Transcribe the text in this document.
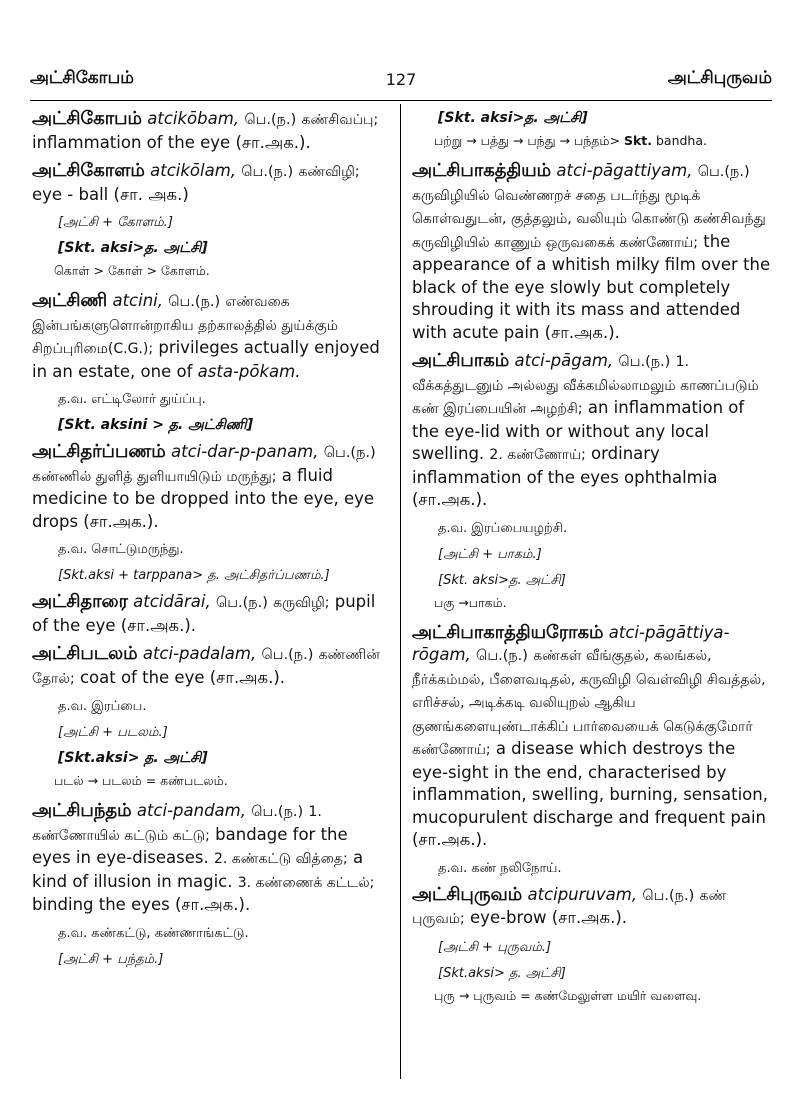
அட்சிகோபம்	127	அட்சிபுருவம்
அட்சிகோபம் atcikōbam, பெ.(ந.) கண்சிவப்பு; inflammation of the eye (சா.அக.).
அட்சிகோளம் atcikōlam, பெ.(ந.) கண்விழி; eye - ball (சா. அக.)
[அட்சி + கோளம்.]
[Skt. aksi>த. அட்சி]
கொள் > கோள் > கோளம்.
அட்சிணி atcini, பெ.(ந.) எண்வகை இன்பங்களுளொன்றாகிய தற்காலத்தில் துய்க்கும் சிறப்புரிமை(C.G.); privileges actually enjoyed in an estate, one of asta-pōkam.
த.வ. எட்டிலோர் துய்ப்பு.
[Skt. aksini > த. அட்சிணி]
அட்சிதர்ப்பணம் atci-dar-p-panam, பெ.(ந.) கண்ணில் துளித் துளியாயிடும் மருந்து; a fluid medicine to be dropped into the eye, eye drops (சா.அக.).
த.வ. சொட்டுமருந்து.
[Skt.aksi + tarppana> த. அட்சிதர்ப்பணம்.]
அட்சிதாரை atcidārai, பெ.(ந.) கருவிழி; pupil of the eye (சா.அக.).
அட்சிபடலம் atci-padalam, பெ.(ந.) கண்ணின் தோல்; coat of the eye (சா.அக.).
த.வ. இரப்பை.
[அட்சி + படலம்.]
[Skt.aksi> த. அட்சி]
படல் → படலம் = கண்படலம்.
அட்சிபந்தம் atci-pandam, பெ.(ந.) 1. கண்ணோயில் கட்டும் கட்டு; bandage for the eyes in eye-diseases. 2. கண்கட்டு வித்தை; a kind of illusion in magic. 3. கண்ணைக் கட்டல்; binding the eyes (சா.அக.).
த.வ. கண்கட்டு, கண்ணாங்கட்டு.
[அட்சி + பந்தம்.]
[Skt. aksi>த. அட்சி]
பற்று → பத்து → பந்து → பந்தம்> Skt. bandha.
அட்சிபாகத்தியம் atci-pāgattiyam, பெ.(ந.) கருவிழியில் வெண்ணறச் சதை படர்ந்து மூடிக் கொள்வதுடன், குத்தலும், வலியும் கொண்டு கண்சிவந்து கருவிழியில் காணும் ஒருவகைக் கண்ணோய்; the appearance of a whitish milky film over the black of the eye slowly but completely shrouding it with its mass and attended with acute pain (சா.அக.).
அட்சிபாகம் atci-pāgam, பெ.(ந.) 1. வீக்கத்துடனும் அல்லது வீக்கமில்லாமலும் காணப்படும் கண் இரப்பையின் அழற்சி; an inflammation of the eye-lid with or without any local swelling. 2. கண்ணோய்; ordinary inflammation of the eyes ophthalmia (சா.அக.).
த.வ. இரப்பையழற்சி.
[அட்சி + பாகம்.]
[Skt. aksi>த. அட்சி]
பகு →பாகம்.
அட்சிபாகாத்தியரோகம் atci-pāgāttiya-rōgam, பெ.(ந.) கண்கள் வீங்குதல், கலங்கல், நீர்க்கம்மல், பீளைவடிதல், கருவிழி வெள்விழி சிவத்தல், எரிச்சல், அடிக்கடி வலியுறல் ஆகிய குணங்களையுண்டாக்கிப் பார்வையைக் கெடுக்குமோர் கண்ணோய்; a disease which destroys the eye-sight in the end, characterised by inflammation, swelling, burning, sensation, mucopurulent discharge and frequent pain (சா.அக.).
த.வ. கண் நலிநோய்.
அட்சிபுருவம் atcipuruvam, பெ.(ந.) கண் புருவம்; eye-brow (சா.அக.).
[அட்சி + புருவம்.]
[Skt.aksi> த. அட்சி]
புரு → புருவம் = கண்மேலுள்ள மயிர் வளைவு.
